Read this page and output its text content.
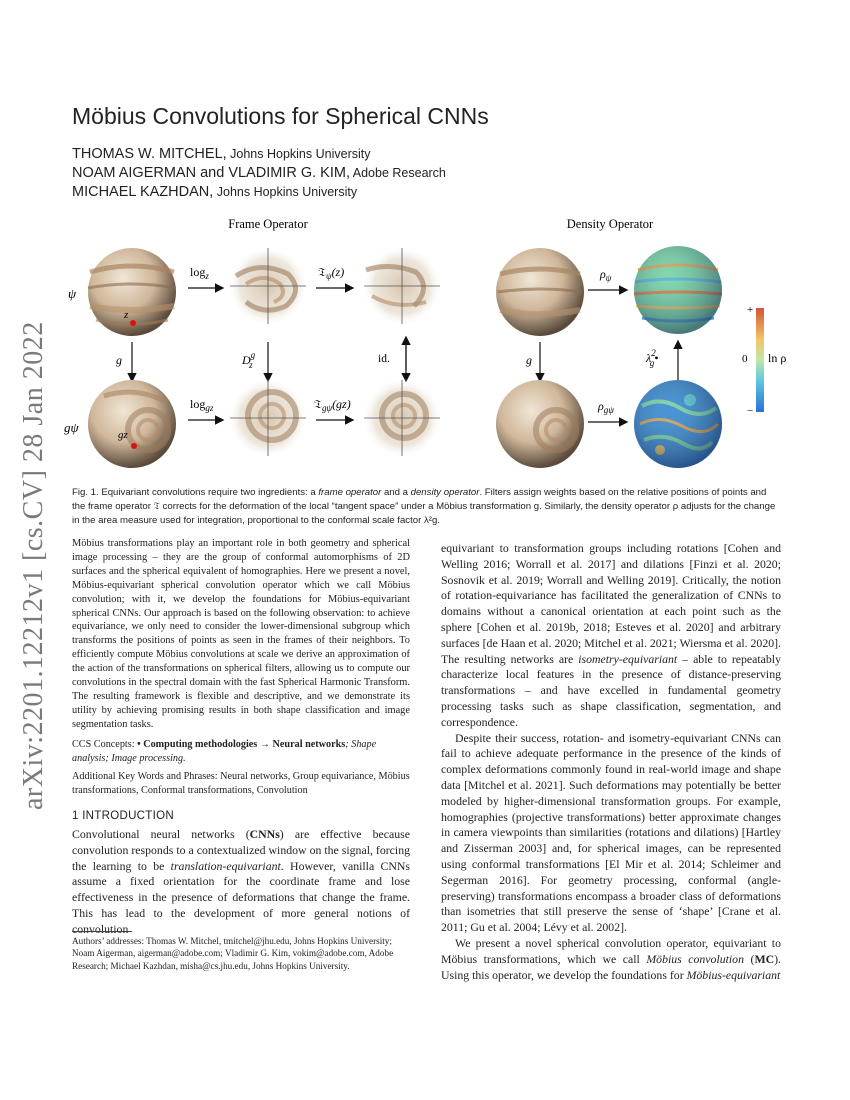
arXiv:2201.12212v1 [cs.CV] 28 Jan 2022
Möbius Convolutions for Spherical CNNs
THOMAS W. MITCHEL, Johns Hopkins University
NOAM AIGERMAN and VLADIMIR G. KIM, Adobe Research
MICHAEL KAZHDAN, Johns Hopkins University
Frame Operator	Density Operator
ψ
gψ
z
$\log_z$	𝔗$_\psi$(z)
g	$D^g$ z	id.
gz
$\log_{gz}$	𝔗$_{g\psi}$(gz)
$\rho_\psi$
g	$\lambda^2$ g•
$\rho_{g\psi}$
+
0
−
ln ρ
Fig. 1. Equivariant convolutions require two ingredients: a frame operator and a density operator. Filters assign weights based on the relative positions of points and the frame operator 𝔗 corrects for the deformation of the local “tangent space” under a Möbius transformation g. Similarly, the density operator ρ adjusts for the change in the area measure used for integration, proportional to the conformal scale factor λ²g.
Möbius transformations play an important role in both geometry and spherical image processing – they are the group of conformal automorphisms of 2D surfaces and the spherical equivalent of homographies. Here we present a novel, Möbius-equivariant spherical convolution operator which we call Möbius convolution; with it, we develop the foundations for Möbius-equivariant spherical CNNs. Our approach is based on the following observation: to achieve equivariance, we only need to consider the lower-dimensional subgroup which transforms the positions of points as seen in the frames of their neighbors. To efficiently compute Möbius convolutions at scale we derive an approximation of the action of the transformations on spherical filters, allowing us to compute our convolutions in the spectral domain with the fast Spherical Harmonic Transform. The resulting framework is flexible and descriptive, and we demonstrate its utility by achieving promising results in both shape classification and image segmentation tasks.
CCS Concepts: • Computing methodologies → Neural networks; Shape analysis; Image processing.
Additional Key Words and Phrases: Neural networks, Group equivariance, Möbius transformations, Conformal transformations, Convolution
1 INTRODUCTION
Convolutional neural networks (CNNs) are effective because convolution responds to a contextualized window on the signal, forcing the learning to be translation-equivariant. However, vanilla CNNs assume a fixed orientation for the coordinate frame and lose effectiveness in the presence of deformations that change the frame. This has lead to the development of more general notions of convolution
Authors’ addresses: Thomas W. Mitchel, tmitchel@jhu.edu, Johns Hopkins University; Noam Aigerman, aigerman@adobe.com; Vladimir G. Kim, vokim@adobe.com, Adobe Research; Michael Kazhdan, misha@cs.jhu.edu, Johns Hopkins University.

equivariant to transformation groups including rotations [Cohen and Welling 2016; Worrall et al. 2017] and dilations [Finzi et al. 2020; Sosnovik et al. 2019; Worrall and Welling 2019]. Critically, the notion of rotation-equivariance has facilitated the generalization of CNNs to domains without a canonical orientation at each point such as the sphere [Cohen et al. 2019b, 2018; Esteves et al. 2020] and arbitrary surfaces [de Haan et al. 2020; Mitchel et al. 2021; Wiersma et al. 2020]. The resulting networks are isometry-equivariant – able to repeatably characterize local features in the presence of distance-preserving transformations – and have excelled in fundamental geometry processing tasks such as shape classification, segmentation, and correspondence.

Despite their success, rotation- and isometry-equivariant CNNs can fail to achieve adequate performance in the presence of the kinds of complex deformations commonly found in real-world image and shape data [Mitchel et al. 2021]. Such deformations may potentially be better modeled by higher-dimensional transformation groups. For example, homographies (projective transformations) better approximate changes in camera viewpoints than similarities (rotations and dilations) [Hartley and Zisserman 2003] and, for spherical images, can be represented using conformal transformations [El Mir et al. 2014; Schleimer and Segerman 2016]. For geometry processing, conformal (angle-preserving) transformations encompass a broader class of deformations than isometries that still preserve the sense of ‘shape’ [Crane et al. 2011; Gu et al. 2004; Lévy et al. 2002].

We present a novel spherical convolution operator, equivariant to Möbius transformations, which we call Möbius convolution (MC). Using this operator, we develop the foundations for Möbius-equivariant
